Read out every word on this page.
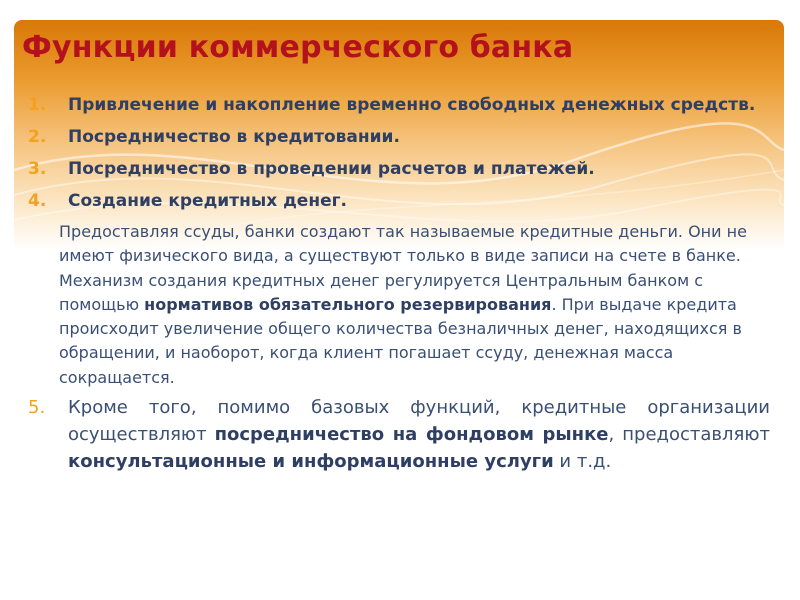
Функции коммерческого банка
1. Привлечение и накопление временно свободных денежных средств.
2. Посредничество в кредитовании.
3. Посредничество в проведении расчетов и платежей.
4. Создание кредитных денег.

Предоставляя ссуды, банки создают так называемые кредитные деньги. Они не имеют физического вида, а существуют только в виде записи на счете в банке. Механизм создания кредитных денег регулируется Центральным банком с помощью нормативов обязательного резервирования. При выдаче кредита происходит увеличение общего количества безналичных денег, находящихся в обращении, и наоборот, когда клиент погашает ссуду, денежная масса сокращается.

5. Кроме того, помимо базовых функций, кредитные организации осуществляют посредничество на фондовом рынке, предоставляют консультационные и информационные услуги и т.д.
